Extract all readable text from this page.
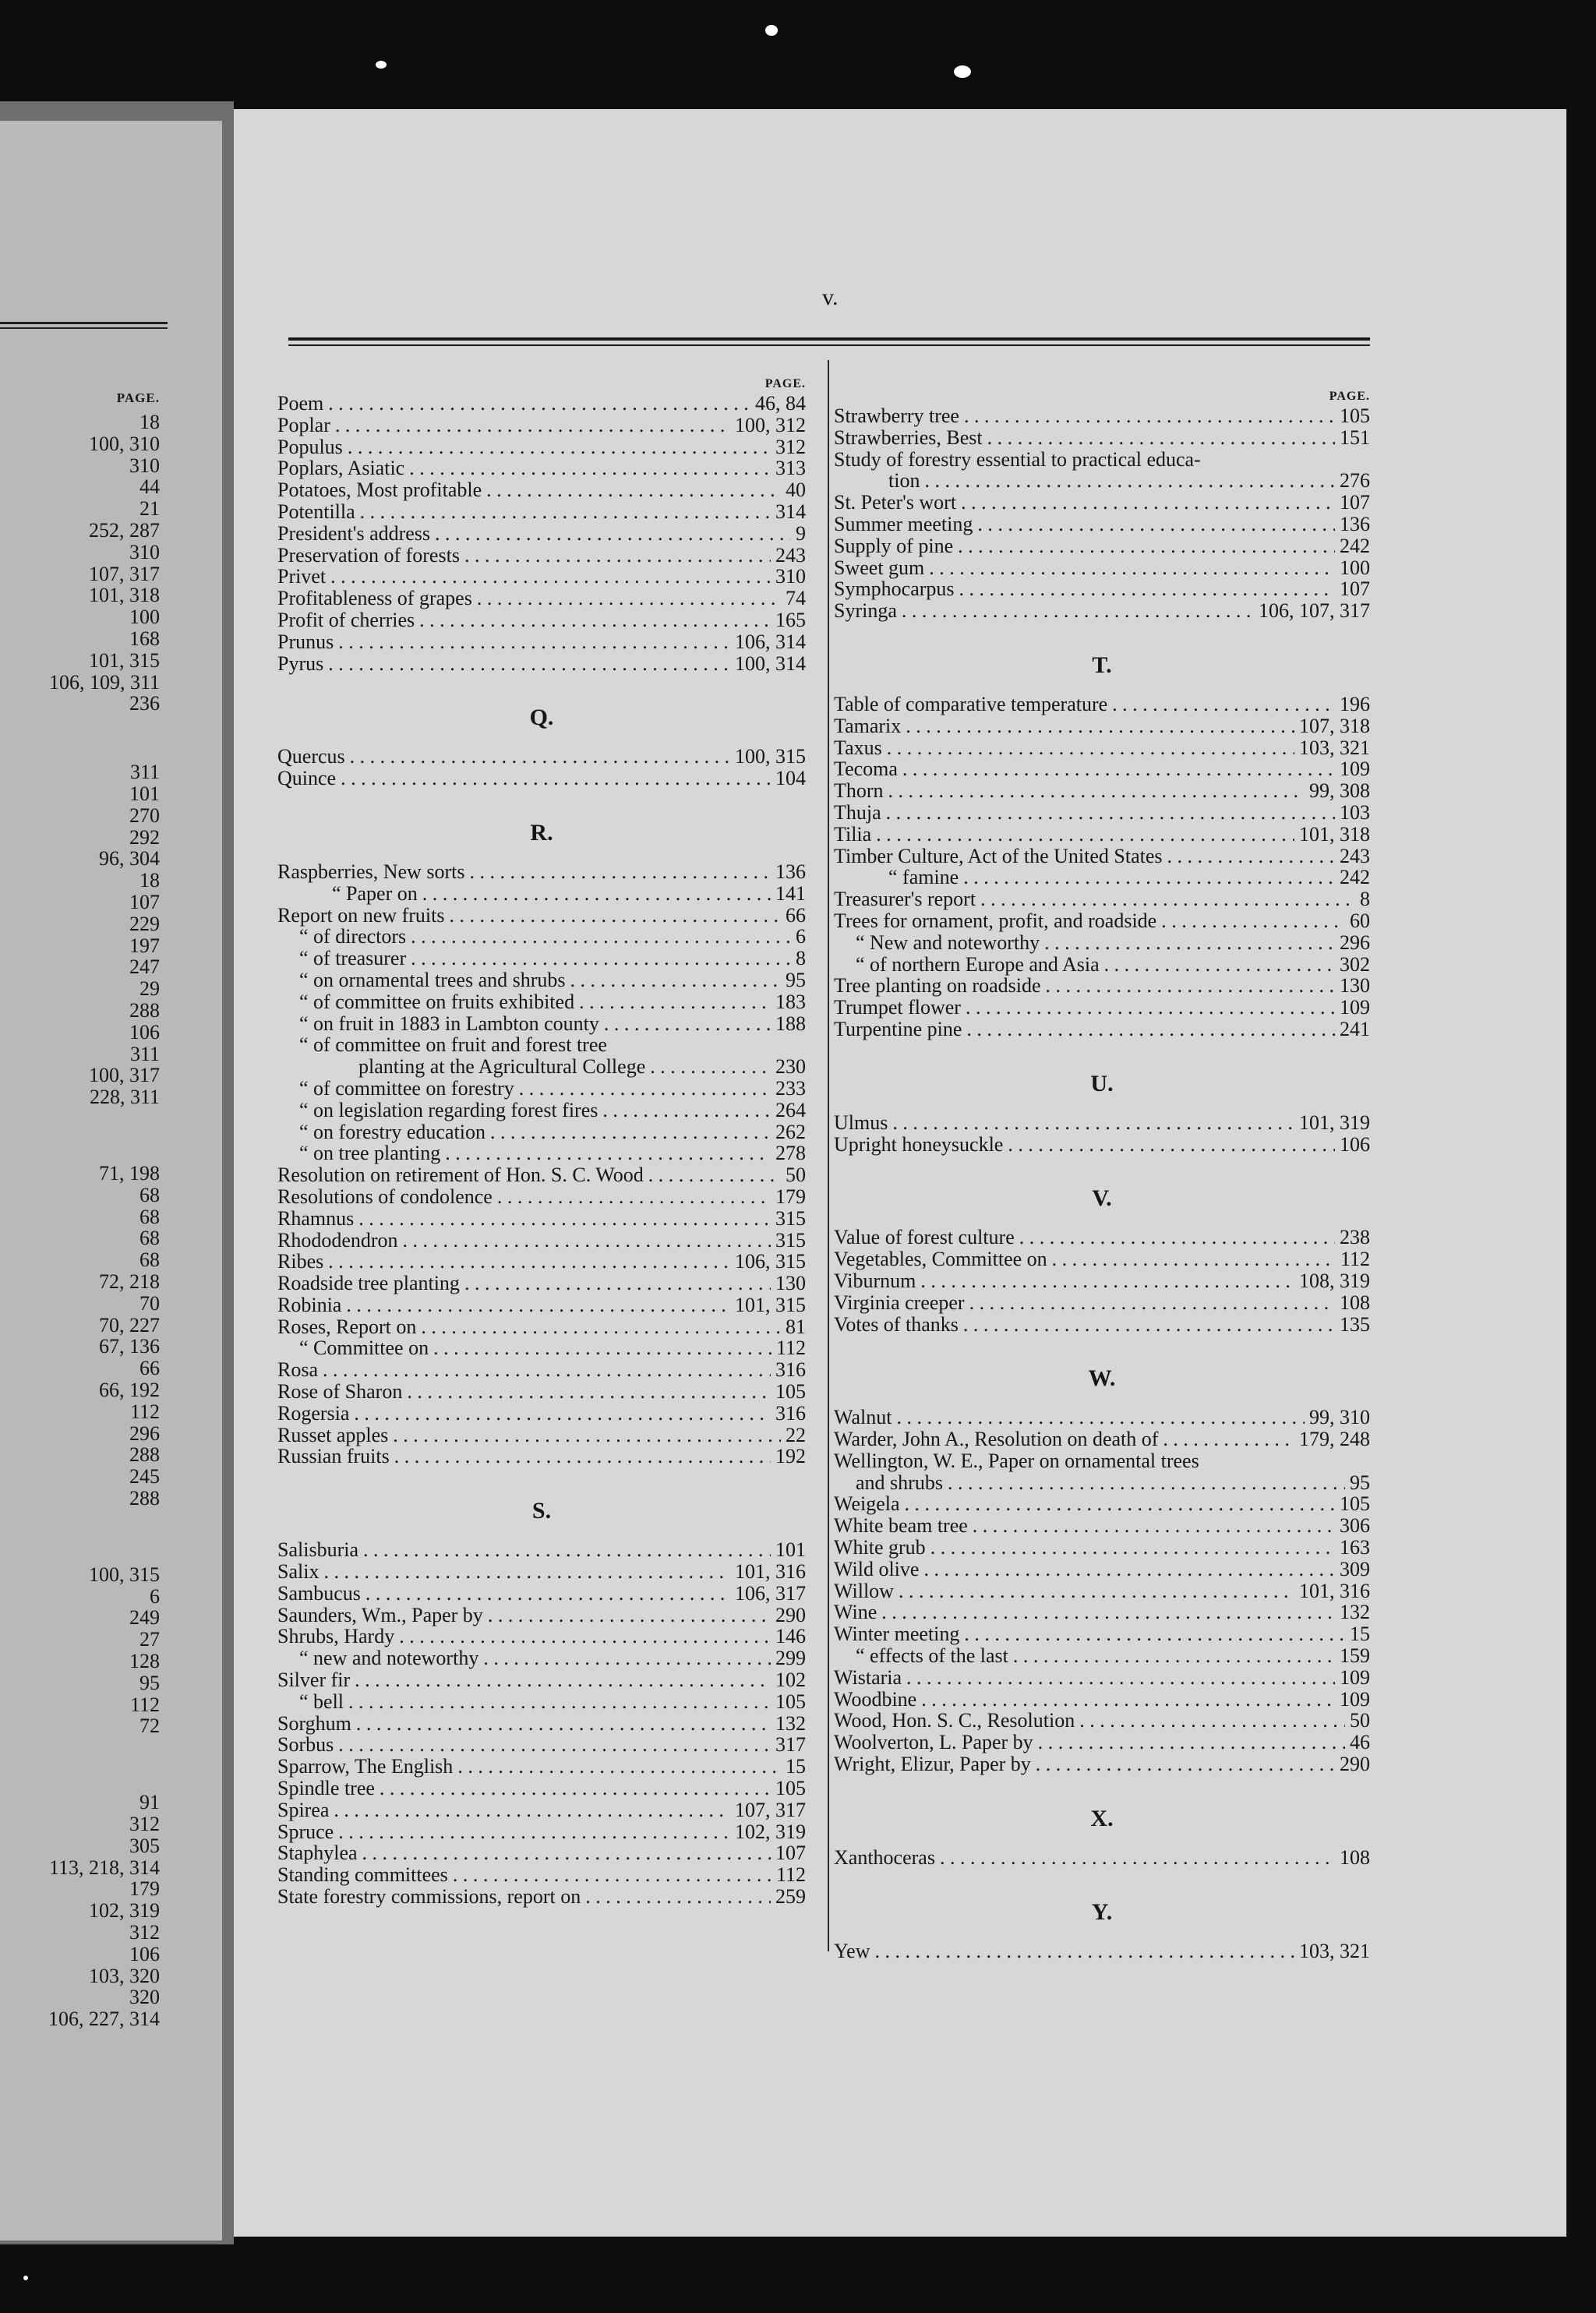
PAGE.
18
100, 310
310
44
21
252, 287
310
107, 317
101, 318
100
168
101, 315
106, 109, 311
236
311
101
270
292
96, 304
18
107
229
197
247
29
288
106
311
100, 317
228, 311
71, 198
68
68
68
68
72, 218
70
70, 227
67, 136
66
66, 192
112
296
288
245
288
100, 315
6
249
27
128
95
112
72
91
312
305
113, 218, 314
179
102, 319
312
106
103, 320
320
106, 227, 314
v.
PAGE.
Poem . . .	46, 84
Poplar . . .	100, 312
Populus . . .	312
Poplars, Asiatic . . .	313
Potatoes, Most profitable . . .	40
Potentilla . . .	314
President's address . . .	9
Preservation of forests . . .	243
Privet . . .	310
Profitableness of grapes . . .	74
Profit of cherries . . .	165
Prunus . . .	106, 314
Pyrus . . .	100, 314
Q.
Quercus . . .	100, 315
Quince . . .	104
R.
Raspberries, New sorts . . .	136
“ Paper on . . .	141
Report on new fruits . . .	66
“ of directors . . .	6
“ of treasurer . . .	8
“ on ornamental trees and shrubs . . .	95
“ of committee on fruits exhibited . . .	183
“ on fruit in 1883 in Lambton county . . .	188
“ of committee on fruit and forest tree
planting at the Agricultural College . . .	230
“ of committee on forestry . . .	233
“ on legislation regarding forest fires . . .	264
“ on forestry education . . .	262
“ on tree planting . . .	278
Resolution on retirement of Hon. S. C. Wood . . .	50
Resolutions of condolence . . .	179
Rhamnus . . .	315
Rhododendron . . .	315
Ribes . . .	106, 315
Roadside tree planting . . .	130
Robinia . . .	101, 315
Roses, Report on . . .	81
“ Committee on . . .	112
Rosa . . .	316
Rose of Sharon . . .	105
Rogersia . . .	316
Russet apples . . .	22
Russian fruits . . .	192
S.
Salisburia . . .	101
Salix . . .	101, 316
Sambucus . . .	106, 317
Saunders, Wm., Paper by . . .	290
Shrubs, Hardy . . .	146
“ new and noteworthy . . .	299
Silver fir . . .	102
“ bell . . .	105
Sorghum . . .	132
Sorbus . . .	317
Sparrow, The English . . .	15
Spindle tree . . .	105
Spirea . . .	107, 317
Spruce . . .	102, 319
Staphylea . . .	107
Standing committees . . .	112
State forestry commissions, report on . . .	259
PAGE.
Strawberry tree . . .	105
Strawberries, Best . . .	151
Study of forestry essential to practical educa-
tion . . .	276
St. Peter's wort . . .	107
Summer meeting . . .	136
Supply of pine . . .	242
Sweet gum . . .	100
Symphocarpus . . .	107
Syringa . . .	106, 107, 317
T.
Table of comparative temperature . . .	196
Tamarix . . .	107, 318
Taxus . . .	103, 321
Tecoma . . .	109
Thorn . . .	99, 308
Thuja . . .	103
Tilia . . .	101, 318
Timber Culture, Act of the United States . . .	243
“ famine . . .	242
Treasurer's report . . .	8
Trees for ornament, profit, and roadside . . .	60
“ New and noteworthy . . .	296
“ of northern Europe and Asia . . .	302
Tree planting on roadside . . .	130
Trumpet flower . . .	109
Turpentine pine . . .	241
U.
Ulmus . . .	101, 319
Upright honeysuckle . . .	106
V.
Value of forest culture . . .	238
Vegetables, Committee on . . .	112
Viburnum . . .	108, 319
Virginia creeper . . .	108
Votes of thanks . . .	135
W.
Walnut . . .	99, 310
Warder, John A., Resolution on death of . . .	179, 248
Wellington, W. E., Paper on ornamental trees
and shrubs . . .	95
Weigela . . .	105
White beam tree . . .	306
White grub . . .	163
Wild olive . . .	309
Willow . . .	101, 316
Wine . . .	132
Winter meeting . . .	15
“ effects of the last . . .	159
Wistaria . . .	109
Woodbine . . .	109
Wood, Hon. S. C., Resolution . . .	50
Woolverton, L. Paper by . . .	46
Wright, Elizur, Paper by . . .	290
X.
Xanthoceras . . .	108
Y.
Yew . . .	103, 321
